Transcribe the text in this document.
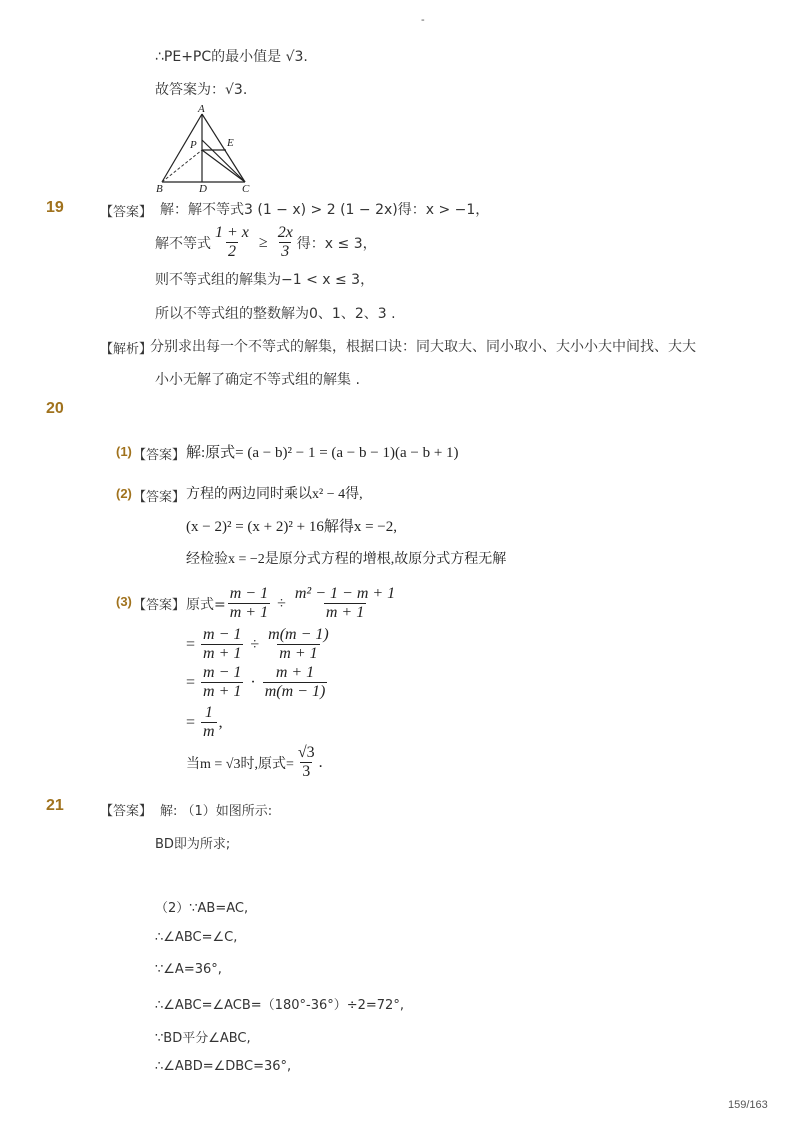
-
∴PE+PC的最小值是 √3.
故答案为：√3.
A
P	E
B	D	C
19	【答案】 解：解不等式3 (1 − x) > 2 (1 − 2x)得：x > −1，
解不等式 $\frac{1 + x}{2} \ge \frac{2x}{3}$ 得：x ≤ 3，
则不等式组的解集为−1 < x ≤ 3，
所以不等式组的整数解为0、1、2、3 .
【解析】
分别求出每一个不等式的解集，根据口诀：同大取大、同小取小、大小小大中间找、大大
小小无解了确定不等式组的解集 .
20
(1) 【答案】 解:原式= (a − b)² − 1 = (a − b − 1)(a − b + 1)
(2) 【答案】 方程的两边同时乘以x² − 4得,
(x − 2)² = (x + 2)² + 16解得x = −2,
经检验x = −2是原分式方程的增根,故原分式方程无解
(3) 【答案】 原式= $\frac{m - 1}{m + 1} \div \frac{\text{m² − 1 − m + 1}}{m + 1}$
= $\frac{m - 1}{m + 1} \div \frac{m(m - 1)}{m + 1}$
= $\frac{m - 1}{m + 1} \cdot \frac{m + 1}{m(m - 1)}$
= $\frac{1}{m}$ ,
当m = √3时,原式= $\frac{√3}{3}$ .
21	【答案】 解: （1）如图所示:
BD即为所求;
（2）∵AB=AC,
∴∠ABC=∠C,
∵∠A=36°,
∴∠ABC=∠ACB=（180°-36°）÷2=72°,
∵BD平分∠ABC,
∴∠ABD=∠DBC=36°,
159/163
